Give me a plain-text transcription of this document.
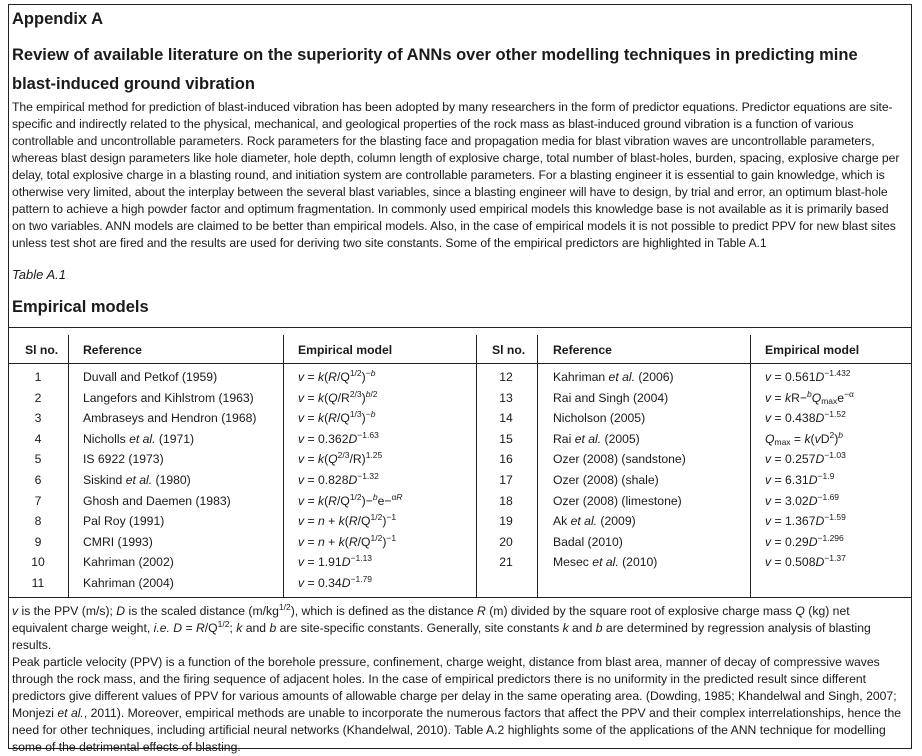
Appendix A
Review of available literature on the superiority of ANNs over other modelling techniques in predicting mine blast-induced ground vibration

The empirical method for prediction of blast-induced vibration has been adopted by many researchers in the form of predictor equations. Predictor equations are site-specific and indirectly related to the physical, mechanical, and geological properties of the rock mass as blast-induced ground vibration is a function of various controllable and uncontrollable parameters. Rock parameters for the blasting face and propagation media for blast vibration waves are uncontrollable parameters, whereas blast design parameters like hole diameter, hole depth, column length of explosive charge, total number of blast-holes, burden, spacing, explosive charge per delay, total explosive charge in a blasting round, and initiation system are controllable parameters. For a blasting engineer it is essential to gain knowledge, which is otherwise very limited, about the interplay between the several blast variables, since a blasting engineer will have to design, by trial and error, an optimum blast-hole pattern to achieve a high powder factor and optimum fragmentation. In commonly used empirical models this knowledge base is not available as it is primarily based on two variables. ANN models are claimed to be better than empirical models. Also, in the case of empirical models it is not possible to predict PPV for new blast sites unless test shot are fired and the results are used for deriving two site constants. Some of the empirical predictors are highlighted in Table A.1

Table A.1

Empirical models
Sl no. Reference	Empirical model	Sl no. Reference	Empirical model
1	Duvall and Petkof (1959)	$v = k(R/Q^{1/2})^{-b}$
2	Langefors and Kihlstrom (1963)	$v = k(Q/R^{2/3})^{b/2}$
3	Ambraseys and Hendron (1968)	$v = k(R/Q^{1/3})^{-b}$
4	Nicholls et al. (1971)	$v = 0.362D^{-1.63}$
5	IS 6922 (1973)	$v = k(Q^{2/3}/R)^{1.25}$
6	Siskind et al. (1980)	$v = 0.828D^{-1.32}$
7	Ghosh and Daemen (1983)	$v = k(R/Q^{1/2})-^be-^{\alpha R}$
8	Pal Roy (1991)	$v = n + k(R/Q^{1/2})^{-1}$
9	CMRI (1993)	$v = n + k(R/Q^{1/2})^{-1}$
10	Kahriman (2002)	$v = 1.91D^{-1.13}$
11	Kahriman (2004)	$v = 0.34D^{-1.79}$
12	Kahriman et al. (2006)	$v = 0.561D^{-1.432}$
13	Rai and Singh (2004)	$v = kR-^bQ_{max}e^{-\alpha}$
14	Nicholson (2005)	$v = 0.438D^{-1.52}$
15	Rai et al. (2005)	$Q_{max} = k(vD^2)^b$
16	Ozer (2008) (sandstone)	$v = 0.257D^{-1.03}$
17	Ozer (2008) (shale)	$v = 6.31D^{-1.9}$
18	Ozer (2008) (limestone)	$v = 3.02D^{-1.69}$
19	Ak et al. (2009)	$v = 1.367D^{-1.59}$
20	Badal (2010)	$v = 0.29D^{-1.296}$
21	Mesec et al. (2010)	$v = 0.508D^{-1.37}$

v is the PPV (m/s); D is the scaled distance $(m/kg^{1/2})$, which is defined as the distance R (m) divided by the square root of explosive charge mass Q (kg) net equivalent charge weight, i.e. $D = R/Q^{1/2}$; k and b are site-specific constants. Generally, site constants k and b are determined by regression analysis of blasting results.

Peak particle velocity (PPV) is a function of the borehole pressure, confinement, charge weight, distance from blast area, manner of decay of compressive waves through the rock mass, and the firing sequence of adjacent holes. In the case of empirical predictors there is no uniformity in the predicted result since different predictors give different values of PPV for various amounts of allowable charge per delay in the same operating area. (Dowding, 1985; Khandelwal and Singh, 2007; Monjezi et al., 2011). Moreover, empirical methods are unable to incorporate the numerous factors that affect the PPV and their complex interrelationships, hence the need for other techniques, including artificial neural networks (Khandelwal, 2010). Table A.2 highlights some of the applications of the ANN technique for modelling some of the detrimental effects of blasting.
